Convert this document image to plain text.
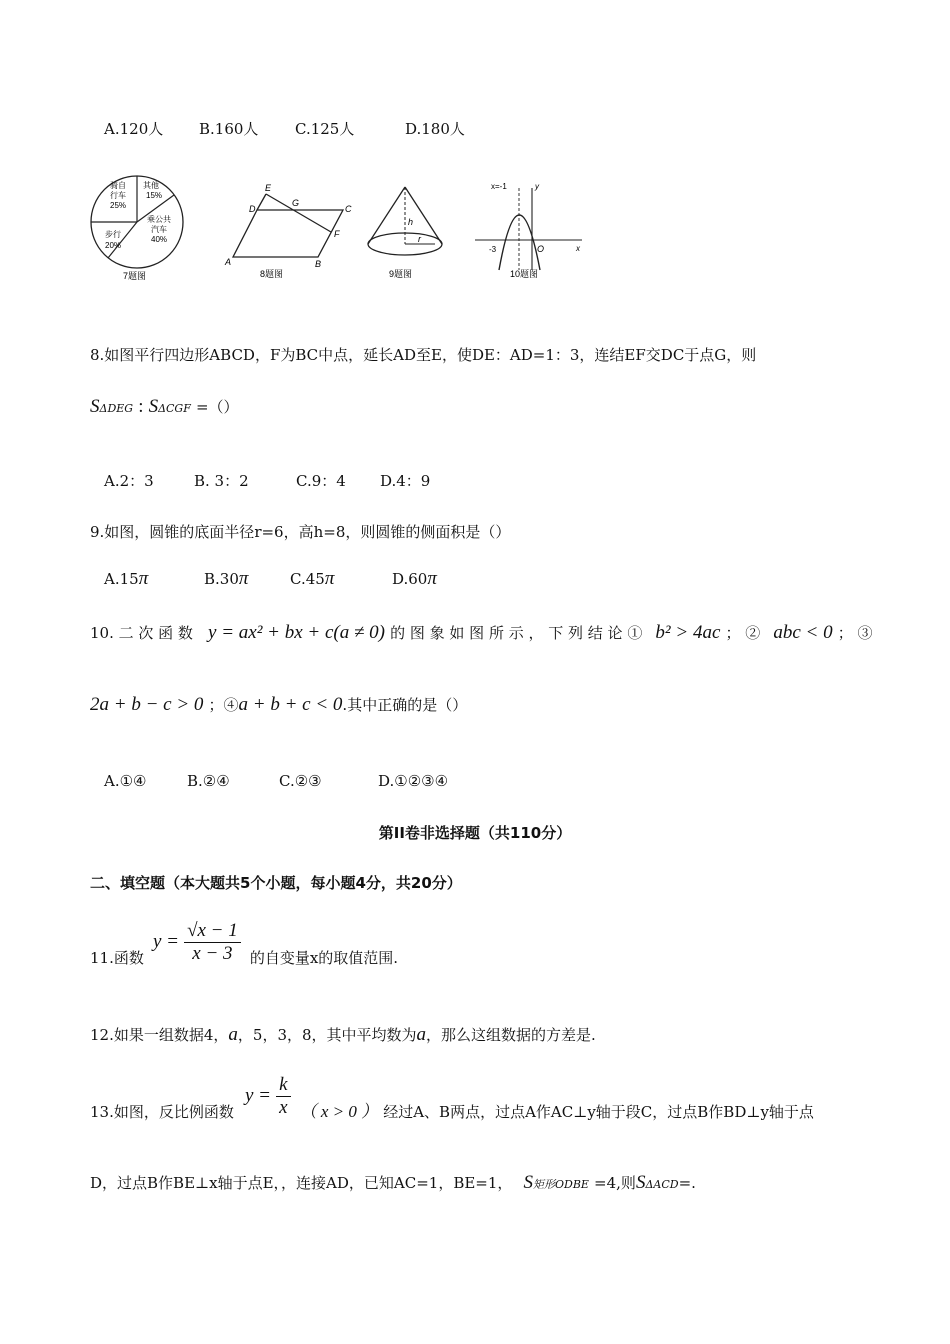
A.120人 B.160人 C.125人	D.180人
骑自
行车
25%
其他
15%
乘公共
汽车
40%
步行
20%
7题图
E
D
G
C
F
A	B
8题图
h
r
9题图
x=-1	y
-3	O	x
10题图
8.如图平行四边形ABCD，F为BC中点，延长AD至E，使DE：AD=1：3，连结EF交DC于点G，则
SΔDEG : SΔCGF =（）
A.2：3	B. 3：2	C.9：4 D.4：9
9.如图，圆锥的底面半径r=6，高h=8，则圆锥的侧面积是（）
A.15π	B.30π	C.45π	D.60π
10. 二 次 函 数 y = ax² + bx + c(a ≠ 0) 的 图 象 如 图 所 示 ， 下 列 结 论 ① b² > 4ac ； ② abc < 0 ； ③
2a + b − c > 0 ；④a + b + c < 0.其中正确的是（）
A.①④	B.②④	C.②③	D.①②③④
第II卷非选择题（共110分）
二、填空题（本大题共5个小题，每小题4分，共20分）
11.函数 $y = \frac{√x - 1}{x - 3}$ 的自变量x的取值范围.
12.如果一组数据4，a，5，3，8，其中平均数为a，那么这组数据的方差是.
13.如图，反比例函数 $y = \frac{k}{x}$ （ x > 0 ） 经过A、B两点，过点A作AC⊥y轴于段C，过点B作BD⊥y轴于点
D，过点B作BE⊥x轴于点E，，连接AD，已知AC=1，BE=1， S矩形ODBE =4,则SΔACD=.
